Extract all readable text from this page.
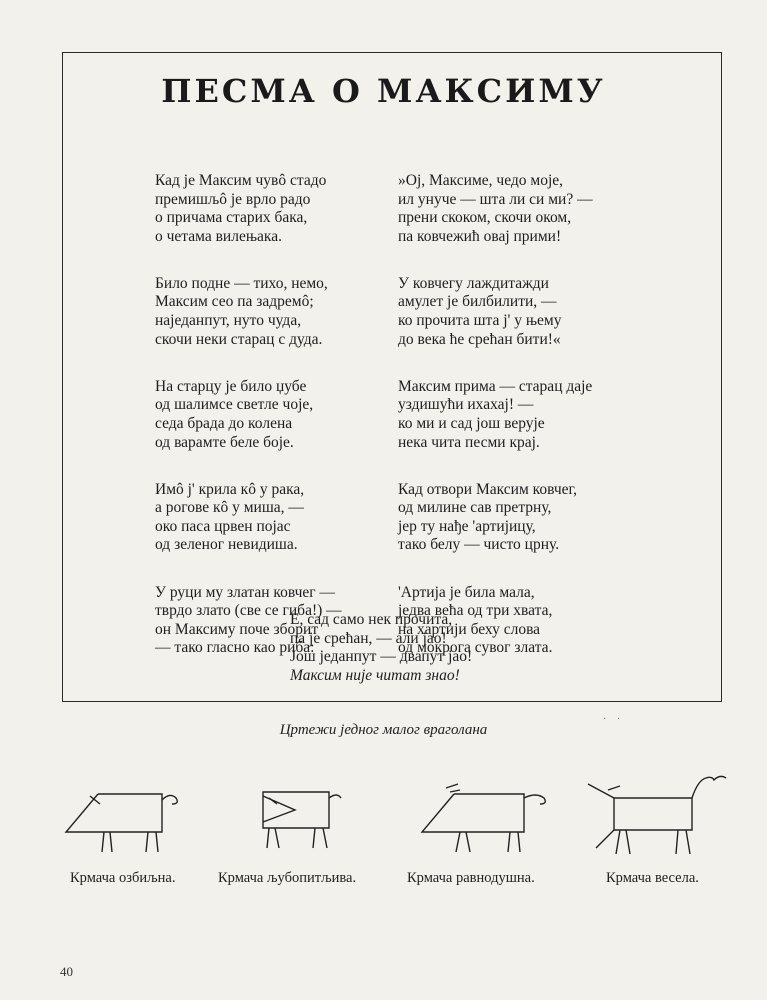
ПЕСМА О МАКСИМУ
Кад је Максим чувô стадо
премишљô је врло радо
о причама старих бака,
о четама вилењака.
Било подне — тихо, немо,
Максим сео па задремô;
наједанпут, нуто чуда,
скочи неки старац с дуда.
На старцу је било џубе
од шалимсе светле чоје,
седа брада до колена
од варамте беле боје.
Имô ј' крила кô у рака,
а рогове кô у миша, —
око паса црвен појас
од зеленог невидиша.
У руци му златан ковчег —
тврдо злато (све се гиба!) —
он Максиму поче зборит
— тако гласно као риба:
»Ој, Максиме, чедо моје,
ил унуче — шта ли си ми? —
прени скоком, скочи оком,
па ковчежић овај прими!
У ковчегу лаждитажди
амулет је билбилити, —
ко прочита шта ј' у њему
до века ће срећан бити!«
Максим прима — старац даје
уздишући ихахај! —
ко ми и сад још верује
нека чита песми крај.
Кад отвори Максим ковчег,
од милине сав претрну,
јер ту нађе 'артијицу,
тако белу — чисто црну.
'Артија је била мала,
једва већа од три хвата,
на хартији беху слова
од мокрога сувог злата.
Е, сад само нек прочита,
па је срећан, — али јао!
Још једанпут — двапут јао!
Максим није читат знао!
Цртежи једног малог враголана
· ·
Крмача озбиљна.	Крмача љубопитљива.	Крмача равнодушна.	Крмача весела.
40
